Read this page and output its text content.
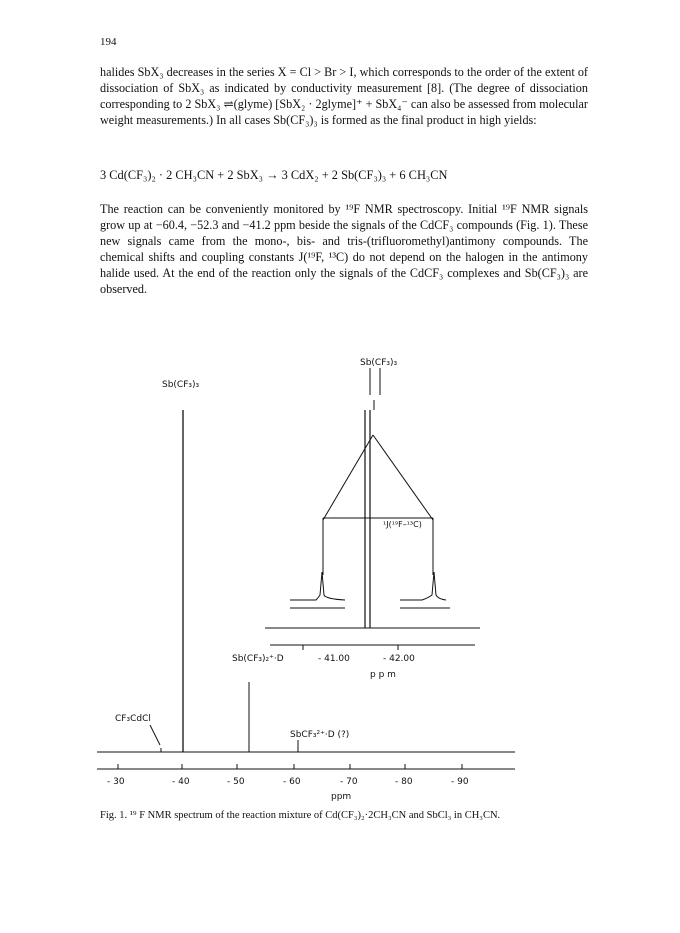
194

halides SbX₃ decreases in the series X = Cl > Br > I, which corresponds to the order of the extent of dissociation of SbX₃ as indicated by conductivity measurement [8]. (The degree of dissociation corresponding to 2 SbX₃ ⇌(glyme) [SbX₂ · 2glyme]⁺ + SbX₄⁻ can also be assessed from molecular weight measurements.) In all cases Sb(CF₃)₃ is formed as the final product in high yields:

3 Cd(CF₃)₂ · 2 CH₃CN + 2 SbX₃ → 3 CdX₂ + 2 Sb(CF₃)₃ + 6 CH₃CN

The reaction can be conveniently monitored by ¹⁹F NMR spectroscopy. Initial ¹⁹F NMR signals grow up at −60.4, −52.3 and −41.2 ppm beside the signals of the CdCF₃ compounds (Fig. 1). These new signals came from the mono-, bis- and tris-(trifluoromethyl)antimony compounds. The chemical shifts and coupling constants J(¹⁹F, ¹³C) do not depend on the halogen in the antimony halide used. At the end of the reaction only the signals of the CdCF₃ complexes and Sb(CF₃)₃ are observed.

Sb(CF₃)₃
Sb(CF₃)₃
¹J(¹⁹F–¹³C)
Sb(CF₃)₂⁺·D	- 41.00	- 42.00
p p m
CF₃CdCl
SbCF₃²⁺·D (?)
- 30	- 40	- 50	- 60	- 70	- 80	- 90
ppm
Fig. 1. ¹⁹ F NMR spectrum of the reaction mixture of Cd(CF₃)₂·2CH₃CN and SbCl₃ in CH₃CN.
